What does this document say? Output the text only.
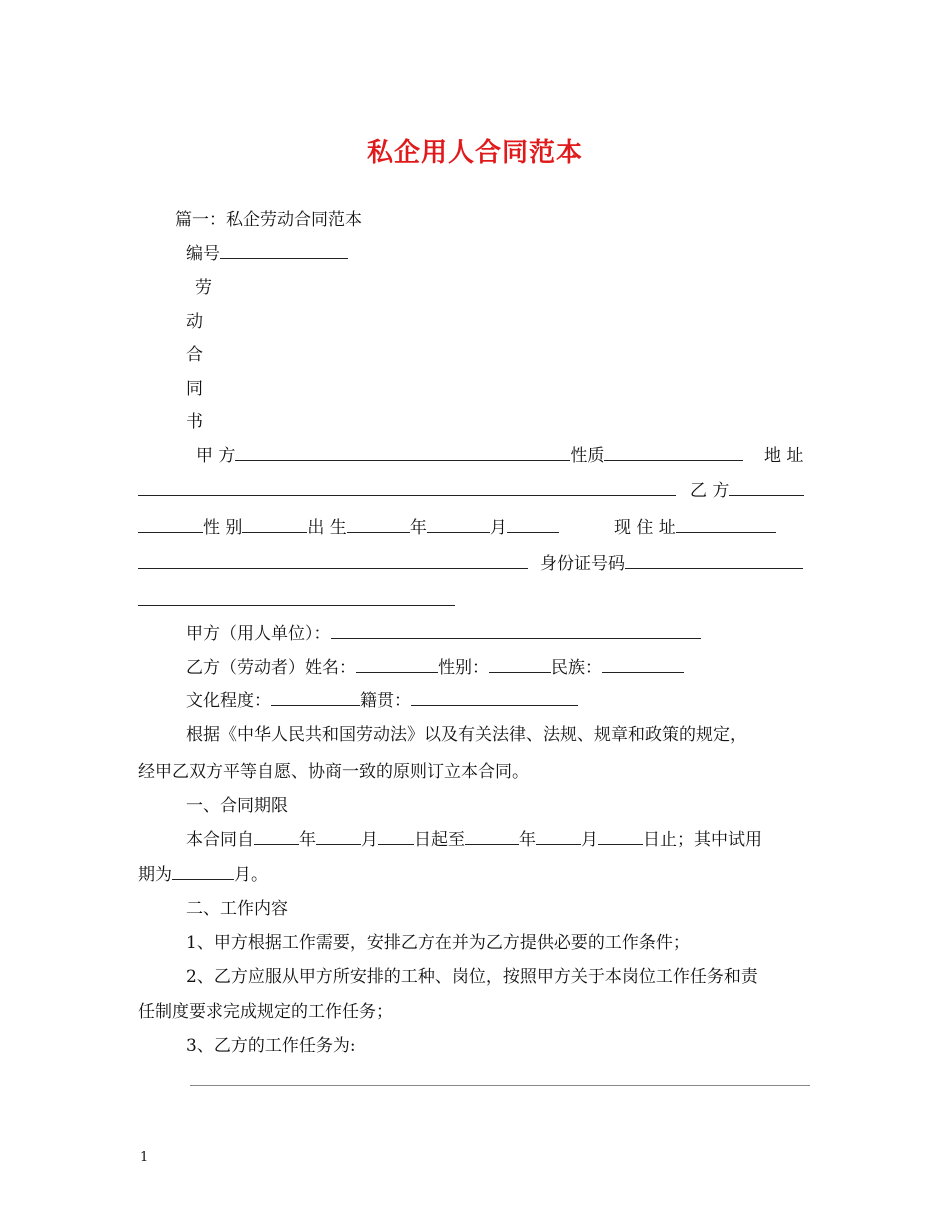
私企用人合同范本
篇一：私企劳动合同范本
编号
劳
动
合
同
书
甲 方	性质	地 址
乙 方
性 别	出 生	年	月	现 住 址
身份证号码
甲方（用人单位）：
乙方（劳动者）姓名：	性别：	民族：
文化程度：	籍贯：
根据《中华人民共和国劳动法》以及有关法律、法规、规章和政策的规定，
经甲乙双方平等自愿、协商一致的原则订立本合同。
一、合同期限
本合同自	年	月 日起至	年	月	日止；其中试用
期为	月。
二、工作内容
1、甲方根据工作需要，安排乙方在并为乙方提供必要的工作条件；
2、乙方应服从甲方所安排的工种、岗位，按照甲方关于本岗位工作任务和责
任制度要求完成规定的工作任务；
3、乙方的工作任务为:
1
